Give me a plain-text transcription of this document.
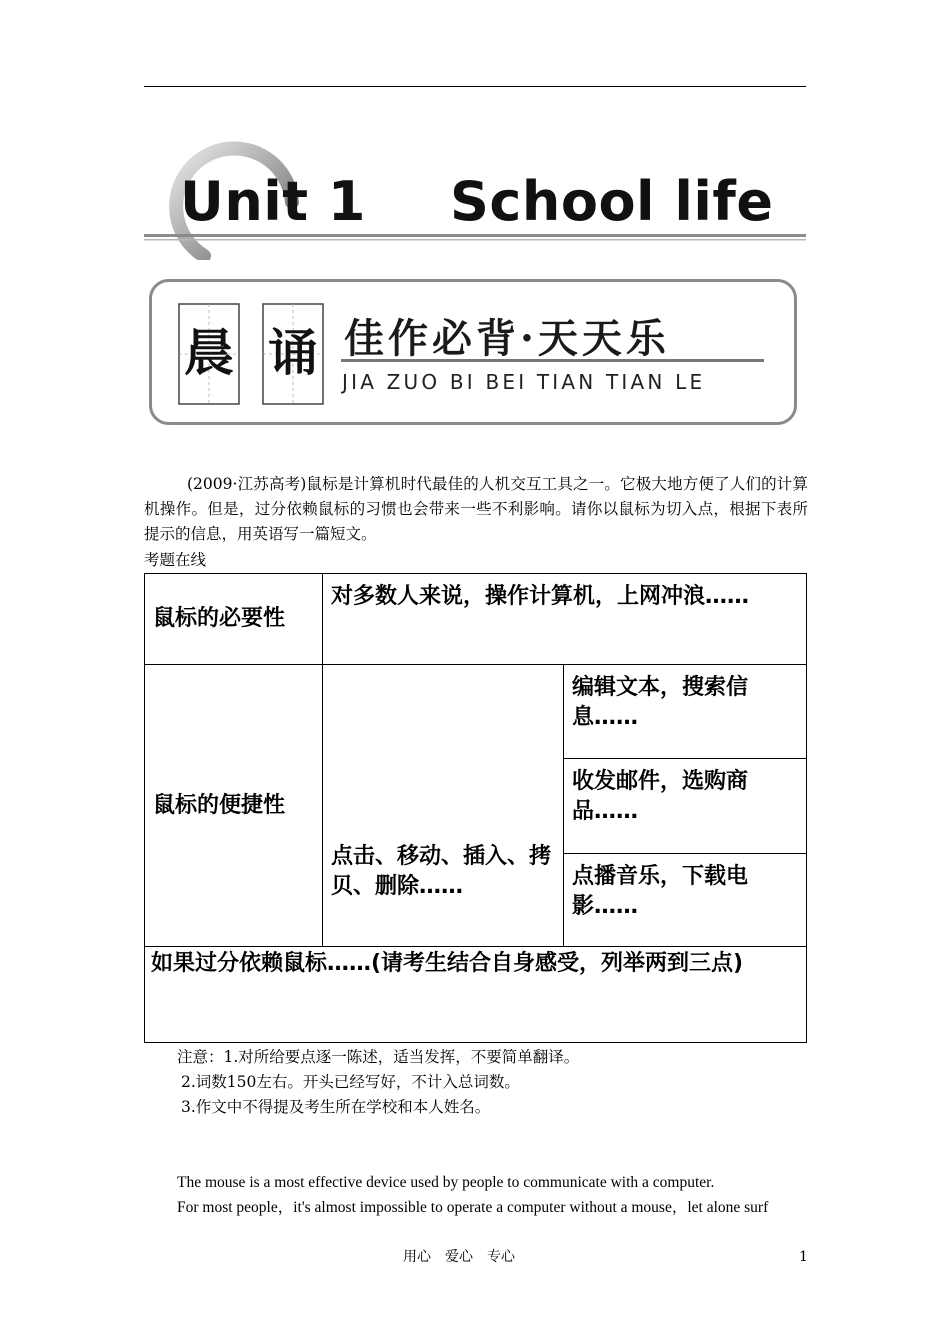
Unit 1 School life
晨 诵 佳作必背·天天乐
JIA ZUO BI BEI TIAN TIAN LE
(2009·江苏高考)鼠标是计算机时代最佳的人机交互工具之一。它极大地方便了人们的计算机操作。但是，过分依赖鼠标的习惯也会带来一些不利影响。请你以鼠标为切入点，根据下表所提示的信息，用英语写一篇短文。
考题在线
鼠标的必要性	对多数人来说，操作计算机，上网冲浪……	
鼠标的便捷性	点击、移动、插入、拷贝、删除……	编辑文本，搜索信息……
		收发邮件，选购商品……
		点播音乐，下载电影……
如果过分依赖鼠标……(请考生结合自身感受，列举两到三点)		
注意：1.对所给要点逐一陈述，适当发挥，不要简单翻译。
2.词数150左右。开头已经写好，不计入总词数。
3.作文中不得提及考生所在学校和本人姓名。
The mouse is a most effective device used by people to communicate with a computer.
For most people，it's almost impossible to operate a computer without a mouse，let alone surf
用心　爱心　专心	1
